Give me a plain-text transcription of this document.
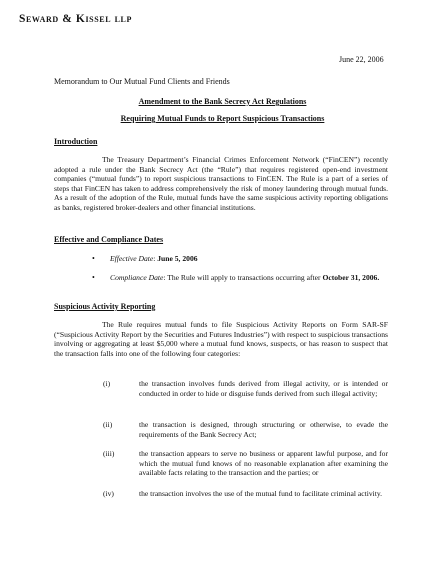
Seward & Kissel llp
June 22, 2006
Memorandum to Our Mutual Fund Clients and Friends
Amendment to the Bank Secrecy Act Regulations
Requiring Mutual Funds to Report Suspicious Transactions
Introduction
The Treasury Department’s Financial Crimes Enforcement Network (“FinCEN”) recently adopted a rule under the Bank Secrecy Act (the “Rule”) that requires registered open-end investment companies (“mutual funds”) to report suspicious transactions to FinCEN. The Rule is a part of a series of steps that FinCEN has taken to address comprehensively the risk of money laundering through mutual funds. As a result of the adoption of the Rule, mutual funds have the same suspicious activity reporting obligations as banks, registered broker-dealers and other financial institutions.
Effective and Compliance Dates
• Effective Date: June 5, 2006
• Compliance Date: The Rule will apply to transactions occurring after October 31, 2006.
Suspicious Activity Reporting
The Rule requires mutual funds to file Suspicious Activity Reports on Form SAR-SF (“Suspicious Activity Report by the Securities and Futures Industries”) with respect to suspicious transactions involving or aggregating at least $5,000 where a mutual fund knows, suspects, or has reason to suspect that the transaction falls into one of the following four categories:
(i)	the transaction involves funds derived from illegal activity, or is intended or conducted in order to hide or disguise funds derived from such illegal activity;
(ii)	the transaction is designed, through structuring or otherwise, to evade the requirements of the Bank Secrecy Act;
(iii)	the transaction appears to serve no business or apparent lawful purpose, and for which the mutual fund knows of no reasonable explanation after examining the available facts relating to the transaction and the parties; or
(iv)	the transaction involves the use of the mutual fund to facilitate criminal activity.
